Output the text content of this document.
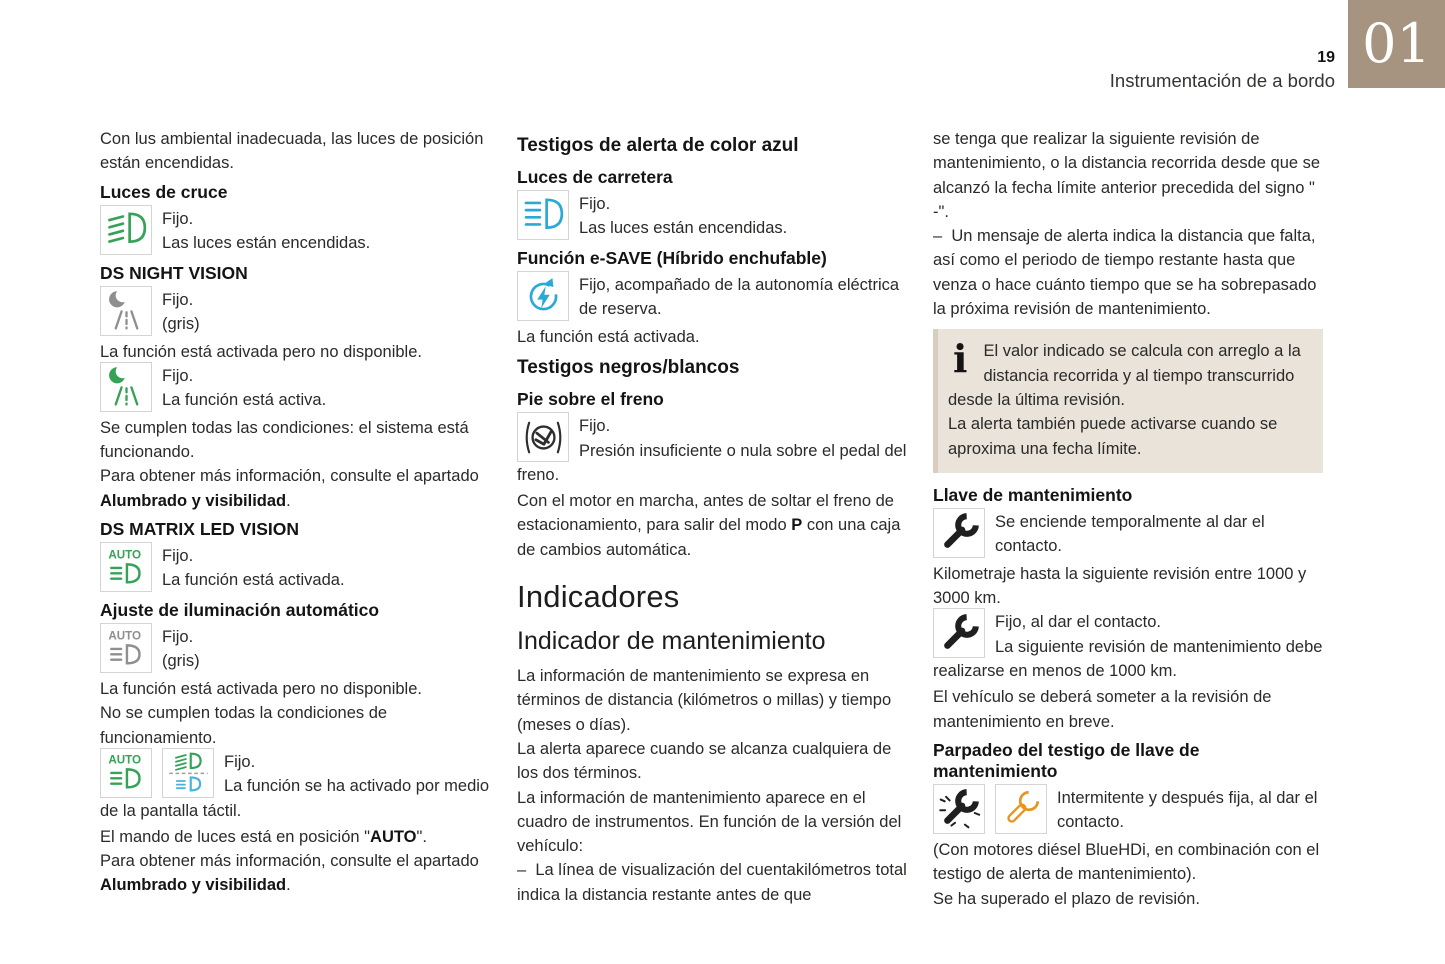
01
19
Instrumentación de a bordo

Con lus ambiental inadecuada, las luces de posición están encendidas.

Luces de cruce

Fijo.
Las luces están encendidas.

DS NIGHT VISION

Fijo.
(gris)

La función está activada pero no disponible.

Fijo.
La función está activa.

Se cumplen todas las condiciones: el sistema está funcionando.

Para obtener más información, consulte el apartado Alumbrado y visibilidad.

DS MATRIX LED VISION
AUTO	Fijo.
La función está activada.

Ajuste de iluminación automático
AUTO	Fijo.
(gris)

La función está activada pero no disponible.

No se cumplen todas la condiciones de funcionamiento.

AUTO	Fijo.
La función se ha activado por medio de la pantalla táctil.

El mando de luces está en posición "AUTO".

Para obtener más información, consulte el apartado Alumbrado y visibilidad.

Testigos de alerta de color azul
Luces de carretera

Fijo.
Las luces están encendidas.

Función e-SAVE (Híbrido enchufable)

Fijo, acompañado de la autonomía eléctrica de reserva.

La función está activada.

Testigos negros/blancos
Pie sobre el freno

Fijo.
Presión insuficiente o nula sobre el pedal del freno.

Con el motor en marcha, antes de soltar el freno de estacionamiento, para salir del modo P con una caja de cambios automática.

Indicadores
Indicador de mantenimiento

La información de mantenimiento se expresa en términos de distancia (kilómetros o millas) y tiempo (meses o días).

La alerta aparece cuando se alcanza cualquiera de los dos términos.

La información de mantenimiento aparece en el cuadro de instrumentos. En función de la versión del vehículo:

–  La línea de visualización del cuentakilómetros total indica la distancia restante antes de que

se tenga que realizar la siguiente revisión de mantenimiento, o la distancia recorrida desde que se alcanzó la fecha límite anterior precedida del signo " -".

–  Un mensaje de alerta indica la distancia que falta, así como el periodo de tiempo restante hasta que venza o hace cuánto tiempo que se ha sobrepasado la próxima revisión de mantenimiento.

i El valor indicado se calcula con arreglo a la distancia recorrida y al tiempo transcurrido desde la última revisión.

La alerta también puede activarse cuando se aproxima una fecha límite.

Llave de mantenimiento

Se enciende temporalmente al dar el contacto.

Kilometraje hasta la siguiente revisión entre 1000 y 3000 km.

Fijo, al dar el contacto.
La siguiente revisión de mantenimiento debe realizarse en menos de 1000 km.

El vehículo se deberá someter a la revisión de mantenimiento en breve.

Parpadeo del testigo de llave de mantenimiento

Intermitente y después fija, al dar el contacto.

(Con motores diésel BlueHDi, en combinación con el testigo de alerta de mantenimiento).

Se ha superado el plazo de revisión.
